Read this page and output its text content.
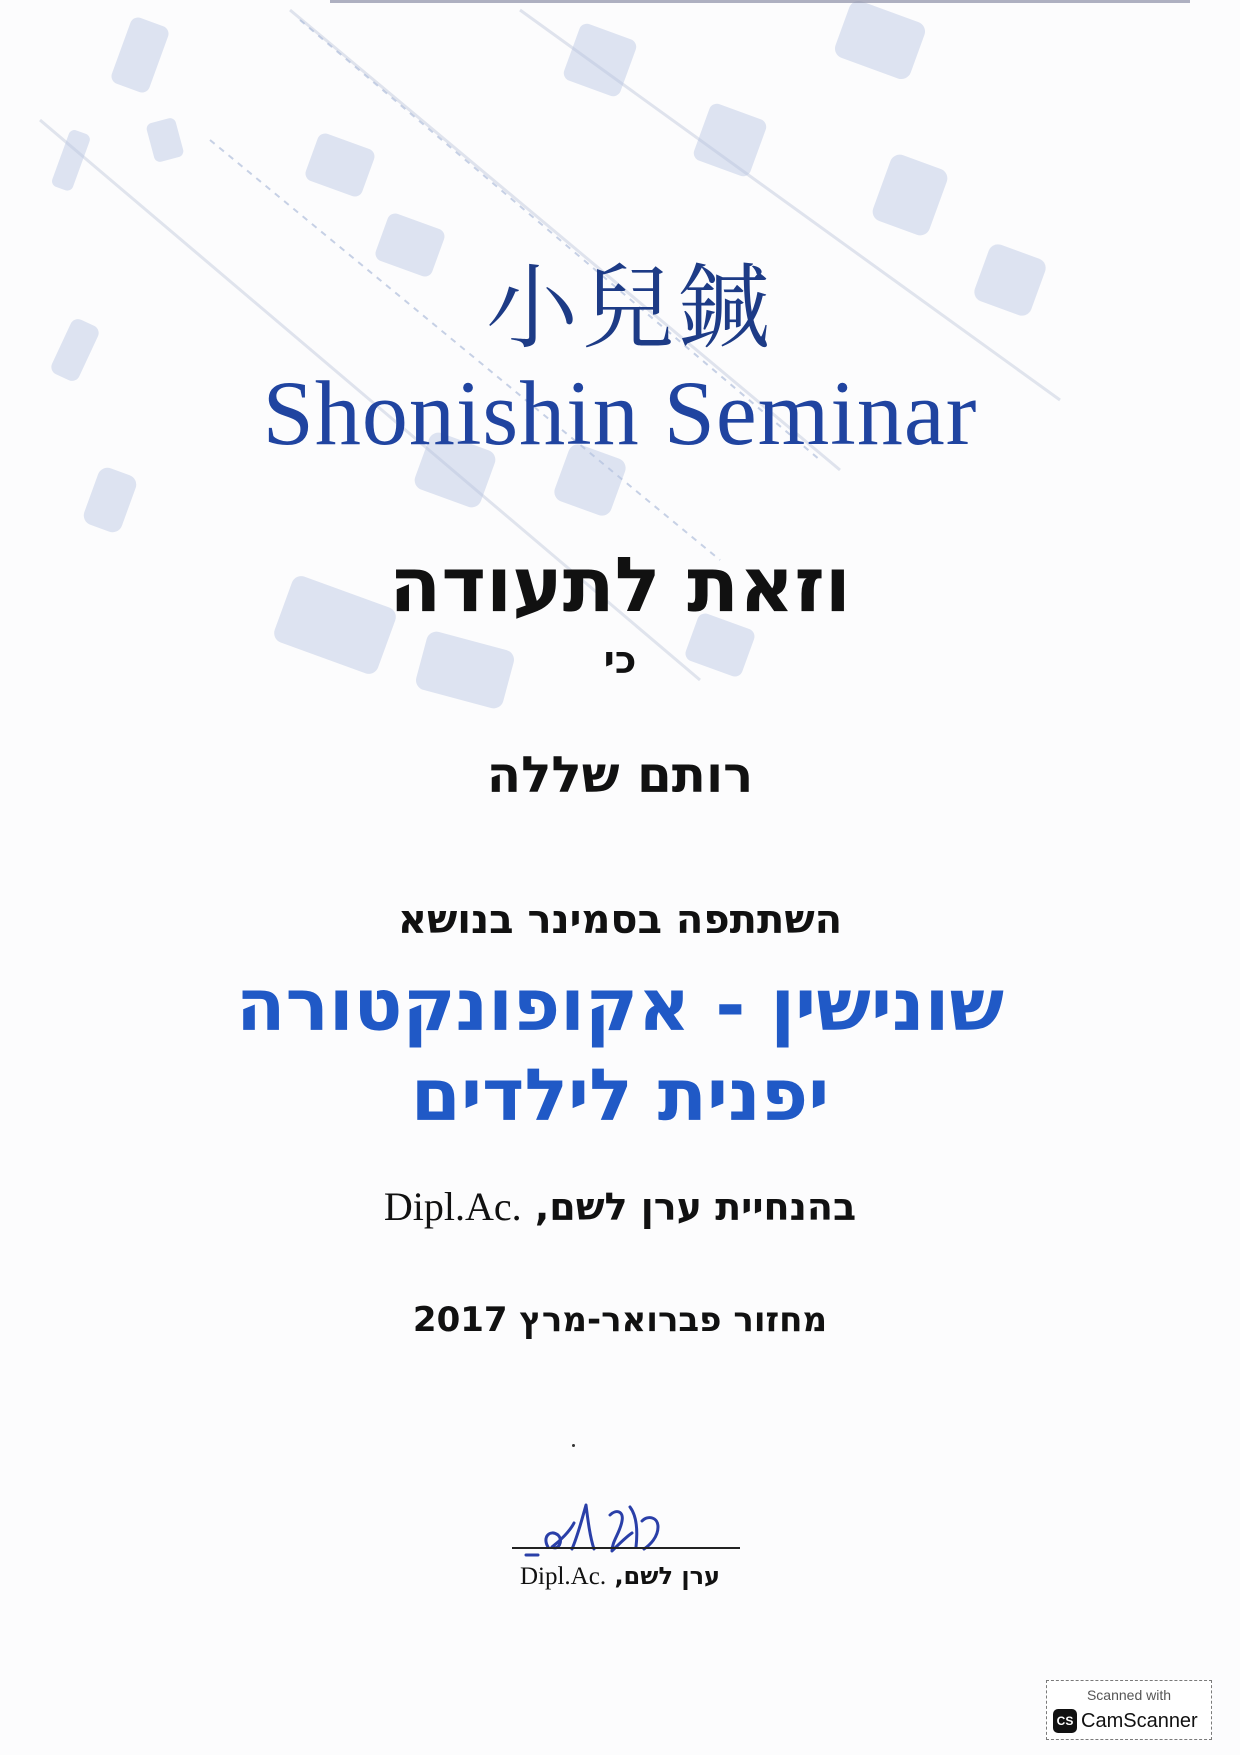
小兒鍼
Shonishin Seminar
וזאת לתעודה
כי
רותם שללה
השתתפה בסמינר בנושא
שונישין - אקופונקטורה
יפנית לילדים
בהנחיית ערן לשם, Dipl.Ac.
מחזור פברואר-מרץ 2017
ערן לשם, Dipl.Ac.
Scanned with
CS CamScanner
